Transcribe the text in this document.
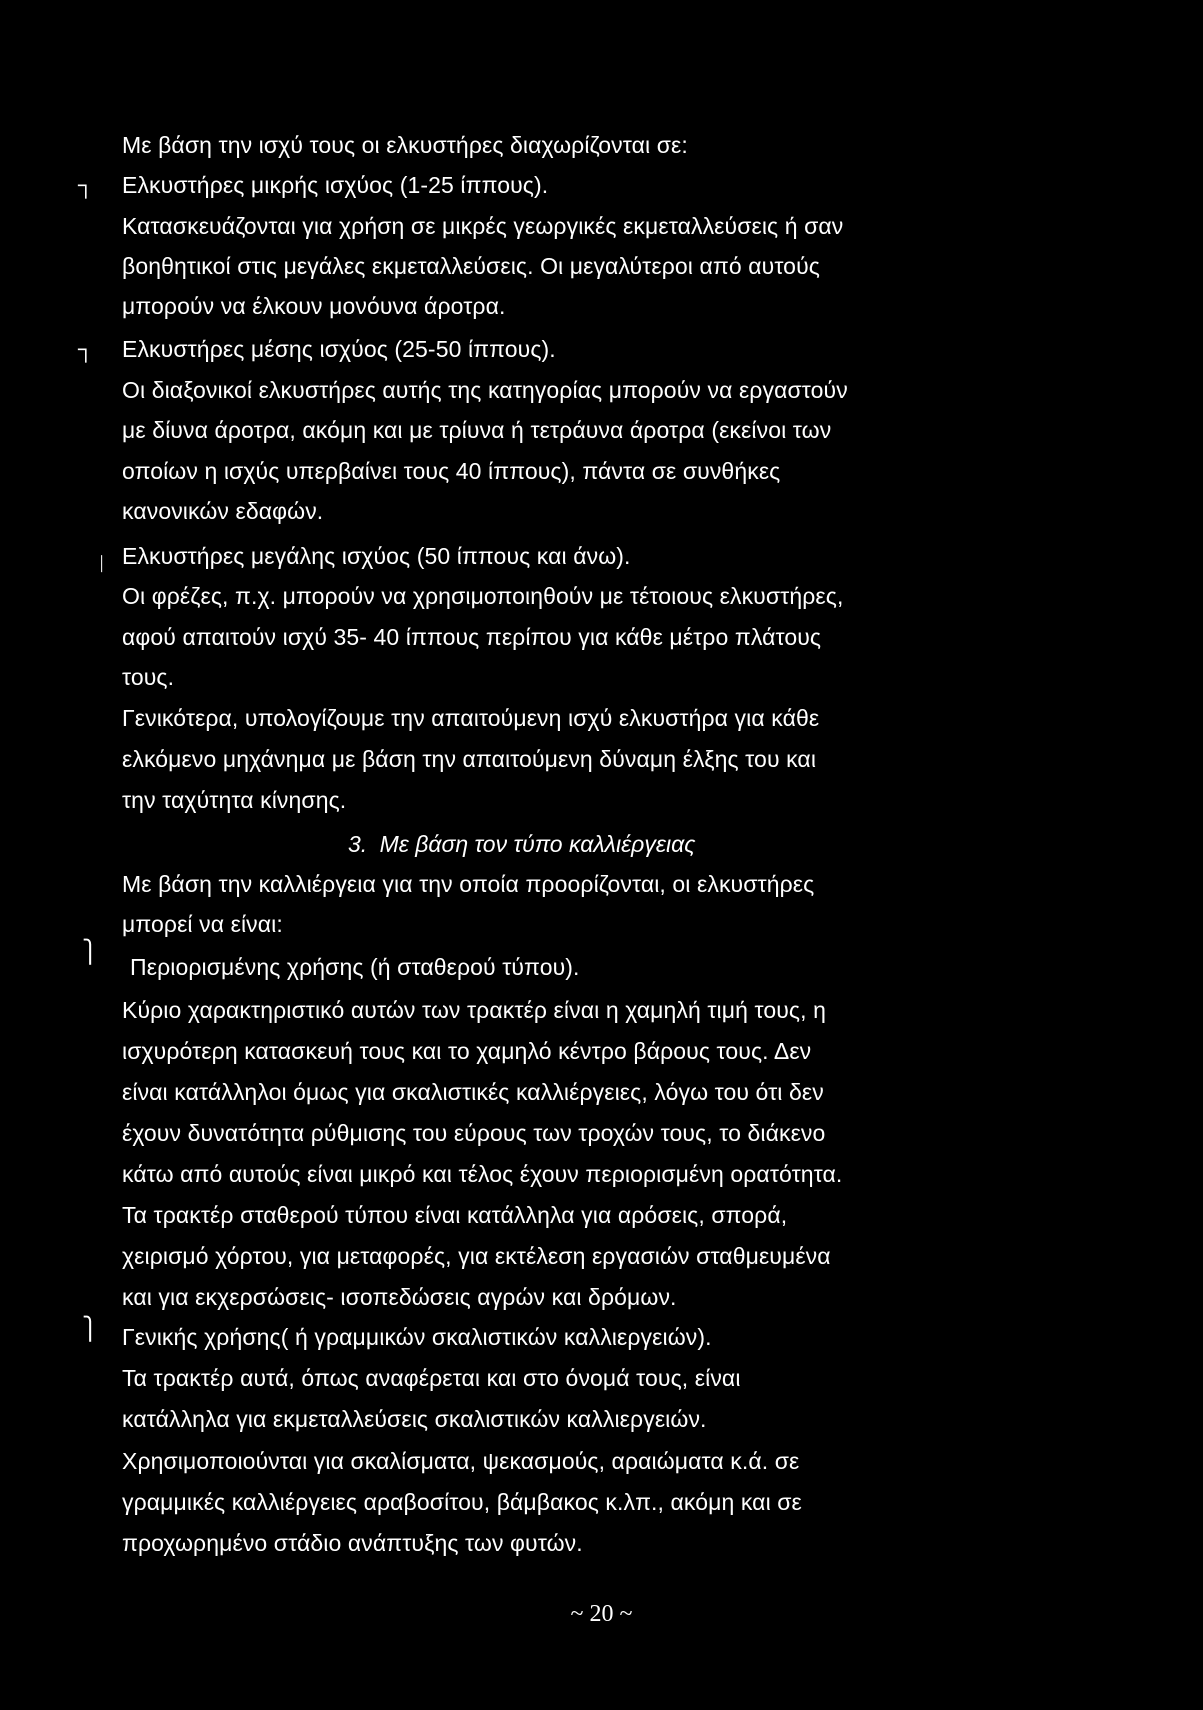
┐
┐
│
⎫
⎫
Με βάση την ισχύ τους οι ελκυστήρες διαχωρίζονται σε:
Ελκυστήρες μικρής ισχύος (1-25 ίππους).
Κατασκευάζονται για χρήση σε μικρές γεωργικές εκμεταλλεύσεις ή σαν
βοηθητικοί στις μεγάλες εκμεταλλεύσεις. Οι μεγαλύτεροι από αυτούς
μπορούν να έλκουν μονόυνα άροτρα.
Ελκυστήρες μέσης ισχύος (25-50 ίππους).
Οι διαξονικοί ελκυστήρες αυτής της κατηγορίας μπορούν να εργαστούν
με δίυνα άροτρα, ακόμη και με τρίυνα ή τετράυνα άροτρα (εκείνοι των
οποίων η ισχύς υπερβαίνει τους 40 ίππους), πάντα σε συνθήκες
κανονικών εδαφών.
Ελκυστήρες μεγάλης ισχύος (50 ίππους και άνω).
Οι φρέζες, π.χ. μπορούν να χρησιμοποιηθούν με τέτοιους ελκυστήρες,
αφού απαιτούν ισχύ 35- 40 ίππους περίπου για κάθε μέτρο πλάτους
τους.
Γενικότερα, υπολογίζουμε την απαιτούμενη ισχύ ελκυστήρα για κάθε
ελκόμενο μηχάνημα με βάση την απαιτούμενη δύναμη έλξης του και
την ταχύτητα κίνησης.
3. Με βάση τον τύπο καλλιέργειας
Με βάση την καλλιέργεια για την οποία προορίζονται, οι ελκυστήρες
μπορεί να είναι:
Περιορισμένης χρήσης (ή σταθερού τύπου).
Κύριο χαρακτηριστικό αυτών των τρακτέρ είναι η χαμηλή τιμή τους, η
ισχυρότερη κατασκευή τους και το χαμηλό κέντρο βάρους τους. Δεν
είναι κατάλληλοι όμως για σκαλιστικές καλλιέργειες, λόγω του ότι δεν
έχουν δυνατότητα ρύθμισης του εύρους των τροχών τους, το διάκενο
κάτω από αυτούς είναι μικρό και τέλος έχουν περιορισμένη ορατότητα.
Τα τρακτέρ σταθερού τύπου είναι κατάλληλα για αρόσεις, σπορά,
χειρισμό χόρτου, για μεταφορές, για εκτέλεση εργασιών σταθμευμένα
και για εκχερσώσεις- ισοπεδώσεις αγρών και δρόμων.
Γενικής χρήσης( ή γραμμικών σκαλιστικών καλλιεργειών).
Τα τρακτέρ αυτά, όπως αναφέρεται και στο όνομά τους, είναι
κατάλληλα για εκμεταλλεύσεις σκαλιστικών καλλιεργειών.
Χρησιμοποιούνται για σκαλίσματα, ψεκασμούς, αραιώματα κ.ά. σε
γραμμικές καλλιέργειες αραβοσίτου, βάμβακος κ.λπ., ακόμη και σε
προχωρημένο στάδιο ανάπτυξης των φυτών.
~ 20 ~
